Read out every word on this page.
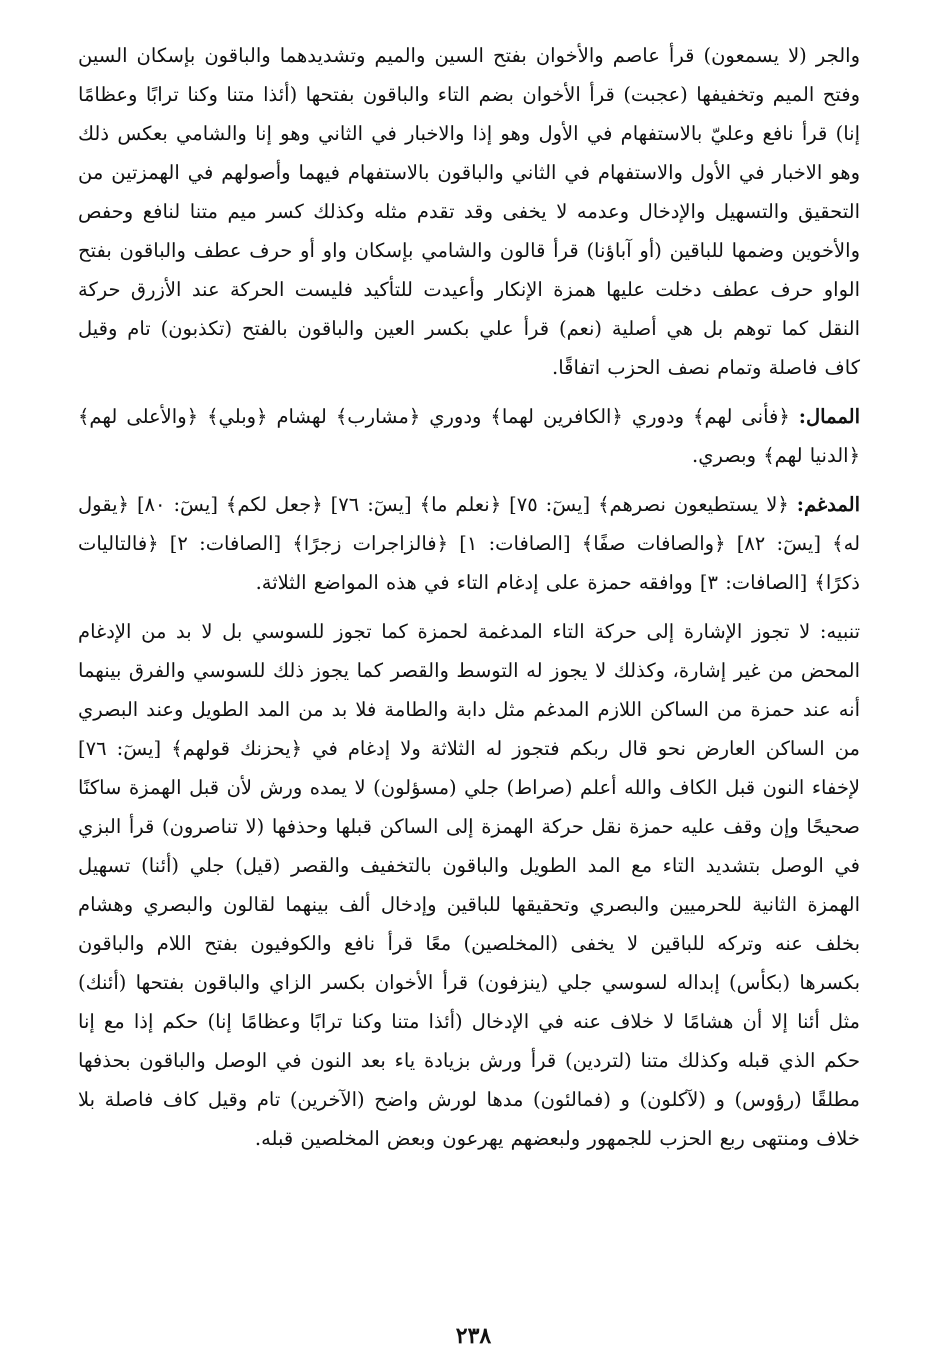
والجر (لا يسمعون) قرأ عاصم والأخوان بفتح السين والميم وتشديدهما والباقون بإسكان السين وفتح الميم وتخفيفها (عجبت) قرأ الأخوان بضم التاء والباقون بفتحها (أئذا متنا وكنا ترابًا وعظامًا إنا) قرأ نافع وعليّ بالاستفهام في الأول وهو إذا والاخبار في الثاني وهو إنا والشامي بعكس ذلك وهو الاخبار في الأول والاستفهام في الثاني والباقون بالاستفهام فيهما وأصولهم في الهمزتين من التحقيق والتسهيل والإدخال وعدمه لا يخفى وقد تقدم مثله وكذلك كسر ميم متنا لنافع وحفص والأخوين وضمها للباقين (أو آباؤنا) قرأ قالون والشامي بإسكان واو أو حرف عطف والباقون بفتح الواو حرف عطف دخلت عليها همزة الإنكار وأعيدت للتأكيد فليست الحركة عند الأزرق حركة النقل كما توهم بل هي أصلية (نعم) قرأ علي بكسر العين والباقون بالفتح (تكذبون) تام وقيل كاف فاصلة وتمام نصف الحزب اتفاقًا.

الممال: ﴿فأنى لهم﴾ ودوري ﴿الكافرين لهما﴾ ودوري ﴿مشارب﴾ لهشام ﴿وبلي﴾ ﴿والأعلى لهم﴾ ﴿الدنيا لهم﴾ وبصري.

المدغم: ﴿لا يستطيعون نصرهم﴾ [يسٓ: ٧٥] ﴿نعلم ما﴾ [يسٓ: ٧٦] ﴿جعل لكم﴾ [يسٓ: ٨٠] ﴿يقول له﴾ [يسٓ: ٨٢] ﴿والصافات صفًا﴾ [الصافات: ١] ﴿فالزاجرات زجرًا﴾ [الصافات: ٢] ﴿فالتاليات ذكرًا﴾ [الصافات: ٣] ووافقه حمزة على إدغام التاء في هذه المواضع الثلاثة.

تنبيه: لا تجوز الإشارة إلى حركة التاء المدغمة لحمزة كما تجوز للسوسي بل لا بد من الإدغام المحض من غير إشارة، وكذلك لا يجوز له التوسط والقصر كما يجوز ذلك للسوسي والفرق بينهما أنه عند حمزة من الساكن اللازم المدغم مثل دابة والطامة فلا بد من المد الطويل وعند البصري من الساكن العارض نحو قال ربكم فتجوز له الثلاثة ولا إدغام في ﴿يحزنك قولهم﴾ [يسٓ: ٧٦] لإخفاء النون قبل الكاف والله أعلم (صراط) جلي (مسؤلون) لا يمده ورش لأن قبل الهمزة ساكنًا صحيحًا وإن وقف عليه حمزة نقل حركة الهمزة إلى الساكن قبلها وحذفها (لا تناصرون) قرأ البزي في الوصل بتشديد التاء مع المد الطويل والباقون بالتخفيف والقصر (قيل) جلي (أئنا) تسهيل الهمزة الثانية للحرميين والبصري وتحقيقها للباقين وإدخال ألف بينهما لقالون والبصري وهشام بخلف عنه وتركه للباقين لا يخفى (المخلصين) معًا قرأ نافع والكوفيون بفتح اللام والباقون بكسرها (بكأس) إبداله لسوسي جلي (ينزفون) قرأ الأخوان بكسر الزاي والباقون بفتحها (أئنك) مثل أئنا إلا أن هشامًا لا خلاف عنه في الإدخال (أئذا متنا وكنا ترابًا وعظامًا إنا) حكم إذا مع إنا حكم الذي قبله وكذلك متنا (لتردين) قرأ ورش بزيادة ياء بعد النون في الوصل والباقون بحذفها مطلقًا (رؤوس) و (لآكلون) و (فمالئون) مدها لورش واضح (الآخرين) تام وقيل كاف فاصلة بلا خلاف ومنتهى ربع الحزب للجمهور ولبعضهم يهرعون وبعض المخلصين قبله.

٢٣٨
